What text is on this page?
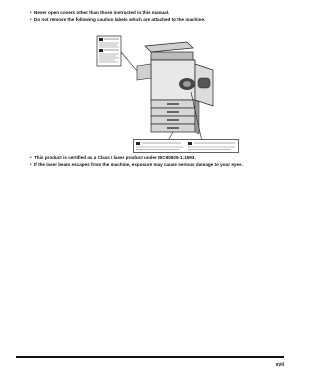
• Never open covers other than those instructed in this manual.
• Do not remove the following caution labels which are attached to the machine.
• This product is certified as a Class I laser product under IEC60825-1:1993.
• If the laser beam escapes from the machine, exposure may cause serious damage to your eyes.
xvii
